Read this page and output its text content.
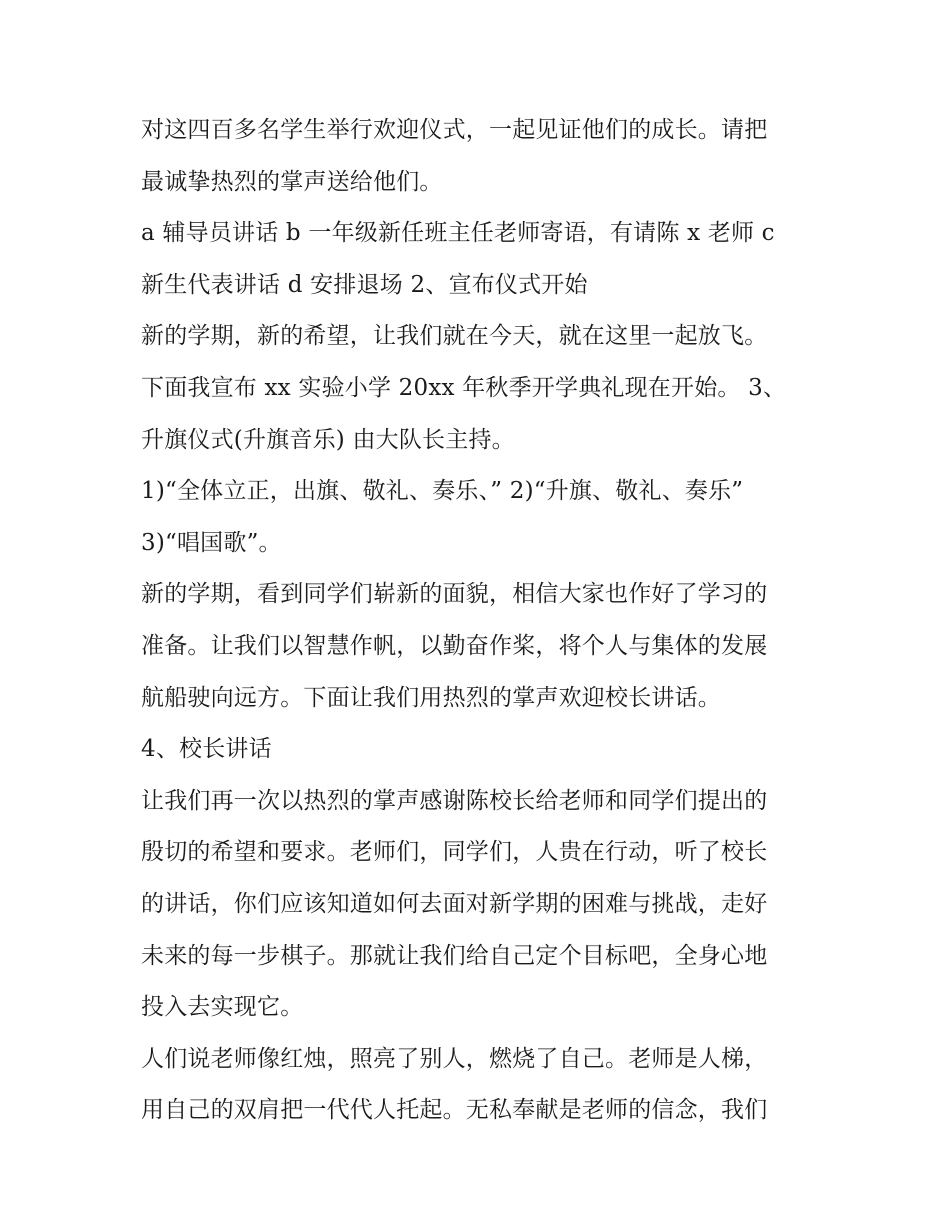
对这四百多名学生举行欢迎仪式，一起见证他们的成长。请把
最诚挚热烈的掌声送给他们。
a 辅导员讲话 b 一年级新任班主任老师寄语，有请陈 x 老师 c
新生代表讲话 d 安排退场 2、宣布仪式开始
新的学期，新的希望，让我们就在今天，就在这里一起放飞。
下面我宣布 xx 实验小学 20xx 年秋季开学典礼现在开始。 3、
升旗仪式(升旗音乐) 由大队长主持。
1)“全体立正，出旗、敬礼、奏乐、” 2)“升旗、敬礼、奏乐”
3)“唱国歌”。
新的学期，看到同学们崭新的面貌，相信大家也作好了学习的
准备。让我们以智慧作帆，以勤奋作桨，将个人与集体的发展
航船驶向远方。下面让我们用热烈的掌声欢迎校长讲话。
4、校长讲话
让我们再一次以热烈的掌声感谢陈校长给老师和同学们提出的
殷切的希望和要求。老师们，同学们，人贵在行动，听了校长
的讲话，你们应该知道如何去面对新学期的困难与挑战，走好
未来的每一步棋子。那就让我们给自己定个目标吧，全身心地
投入去实现它。
人们说老师像红烛，照亮了别人，燃烧了自己。老师是人梯，
用自己的双肩把一代代人托起。无私奉献是老师的信念，我们
